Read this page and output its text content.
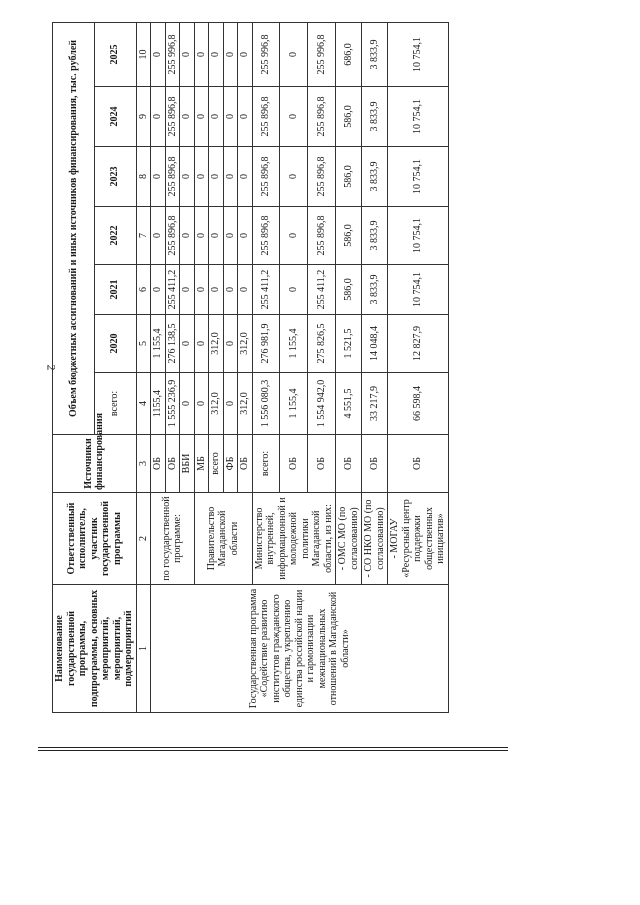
2
Наименование государственной программы, подпрограммы, основных мероприятий, мероприятий, подмероприятий	Ответственный исполнитель, участник государственной программы	Источники финансирования	Объем бюджетных ассигнований и иных источников финансирования, тыс. рублей						
			всего:	2020	2021	2022	2023	2024	2025
1	2	3	4	5	6	7	8	9	10
Государственная программа «Содействие развитию институтов гражданского общества, укреплению единства российской нации и гармонизации межнациональных отношений в Магаданской области»	по государственной программе:	ОБ	1155,4	1 155,4	0	0	0	0	0
		ОБ	1 555 236,9	276 138,5	255 411,2	255 896,8	255 896,8	255 896,8	255 996,8
		ВБИ	0	0	0	0	0	0	0
	Правительство Магаданской области	МБ	0	0	0	0	0	0	0
		всего	312,0	312,0	0	0	0	0	0
		ФБ	0	0	0	0	0	0	0
		ОБ	312,0	312,0	0	0	0	0	0
	Министерство внутренней, информационной и молодежной политики Магаданской области, из них:	всего:	1 556 080,3	276 981,9	255 411,2	255 896,8	255 896,8	255 896,8	255 996,8
		ОБ	1 155,4	1 155,4	0	0	0	0	0
		ОБ	1 554 942,0	275 826,5	255 411,2	255 896,8	255 896,8	255 896,8	255 996,8
	- ОМС МО (по согласованию)	ОБ	4 551,5	1 521,5	586,0	586,0	586,0	586,0	686,0
	- СО НКО МО (по согласованию)	ОБ	33 217,9	14 048,4	3 833,9	3 833,9	3 833,9	3 833,9	3 833,9
	- МОГАУ «Ресурсный центр поддержки общественных инициатив»	ОБ	66 598,4	12 827,9	10 754,1	10 754,1	10 754,1	10 754,1	10 754,1
